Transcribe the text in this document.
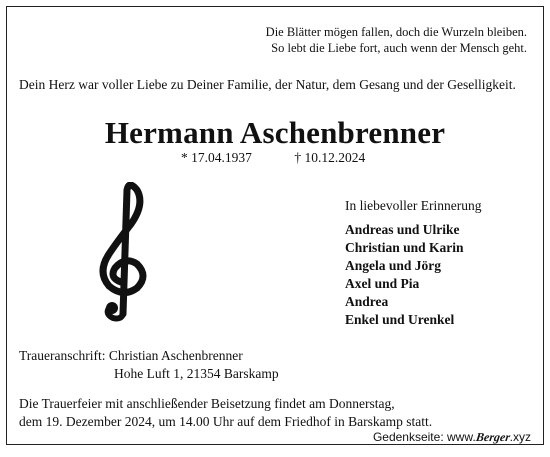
Die Blätter mögen fallen, doch die Wurzeln bleiben.
So lebt die Liebe fort, auch wenn der Mensch geht.
Dein Herz war voller Liebe zu Deiner Familie, der Natur, dem Gesang und der Geselligkeit.
Hermann Aschenbrenner
* 17.04.1937	† 10.12.2024
In liebevoller Erinnerung
Andreas und Ulrike
Christian und Karin
Angela und Jörg
Axel und Pia
Andrea
Enkel und Urenkel
Traueranschrift: Christian Aschenbrenner
Hohe Luft 1, 21354 Barskamp
Die Trauerfeier mit anschließender Beisetzung findet am Donnerstag,
dem 19. Dezember 2024, um 14.00 Uhr auf dem Friedhof in Barskamp statt.
Gedenkseite: www.Berger.xyz
